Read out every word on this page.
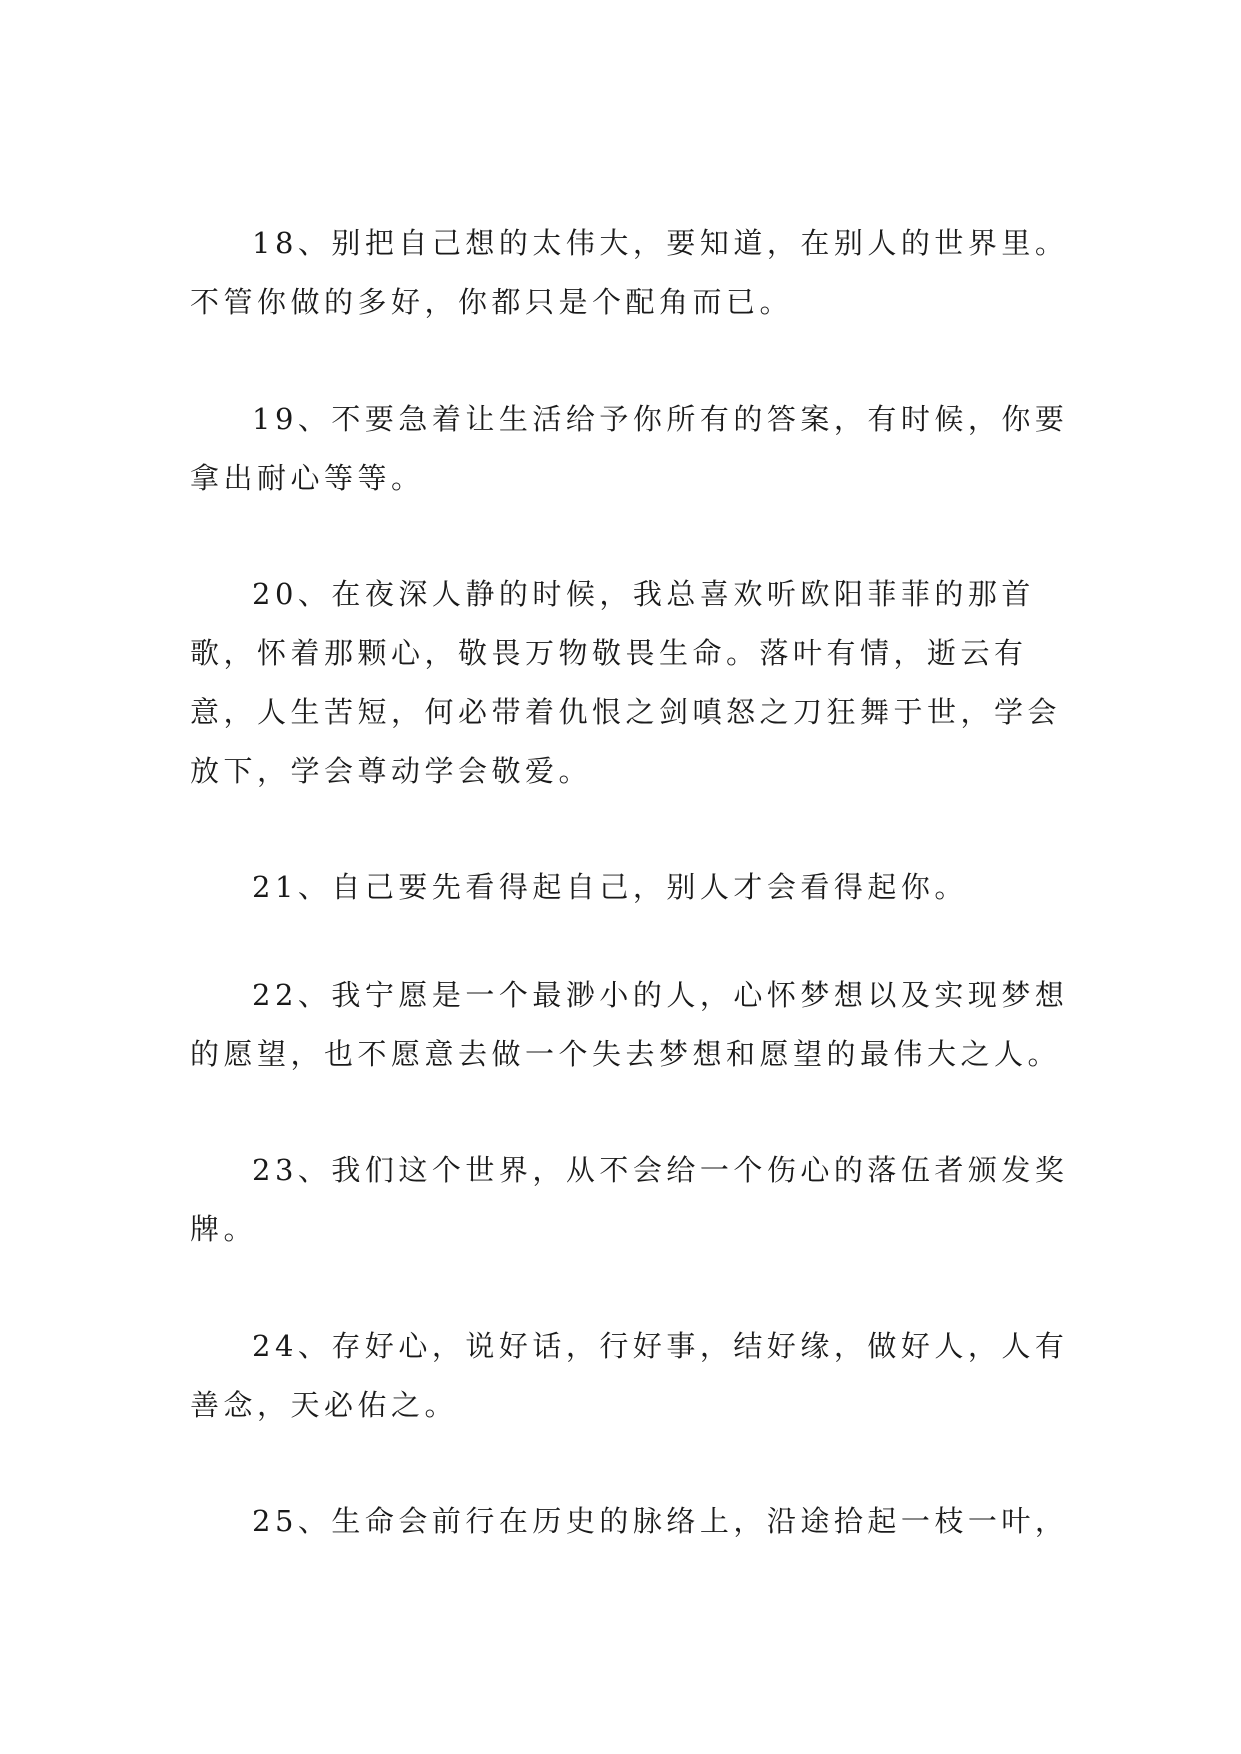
18、别把自己想的太伟大，要知道，在别人的世界里。不管你做的多好，你都只是个配角而已。

19、不要急着让生活给予你所有的答案，有时候，你要拿出耐心等等。

20、在夜深人静的时候，我总喜欢听欧阳菲菲的那首歌，怀着那颗心，敬畏万物敬畏生命。落叶有情，逝云有意，人生苦短，何必带着仇恨之剑嗔怒之刀狂舞于世，学会放下，学会尊动学会敬爱。

21、自己要先看得起自己，别人才会看得起你。

22、我宁愿是一个最渺小的人，心怀梦想以及实现梦想的愿望，也不愿意去做一个失去梦想和愿望的最伟大之人。

23、我们这个世界，从不会给一个伤心的落伍者颁发奖牌。

24、存好心，说好话，行好事，结好缘，做好人，人有善念，天必佑之。

25、生命会前行在历史的脉络上，沿途拾起一枝一叶，
